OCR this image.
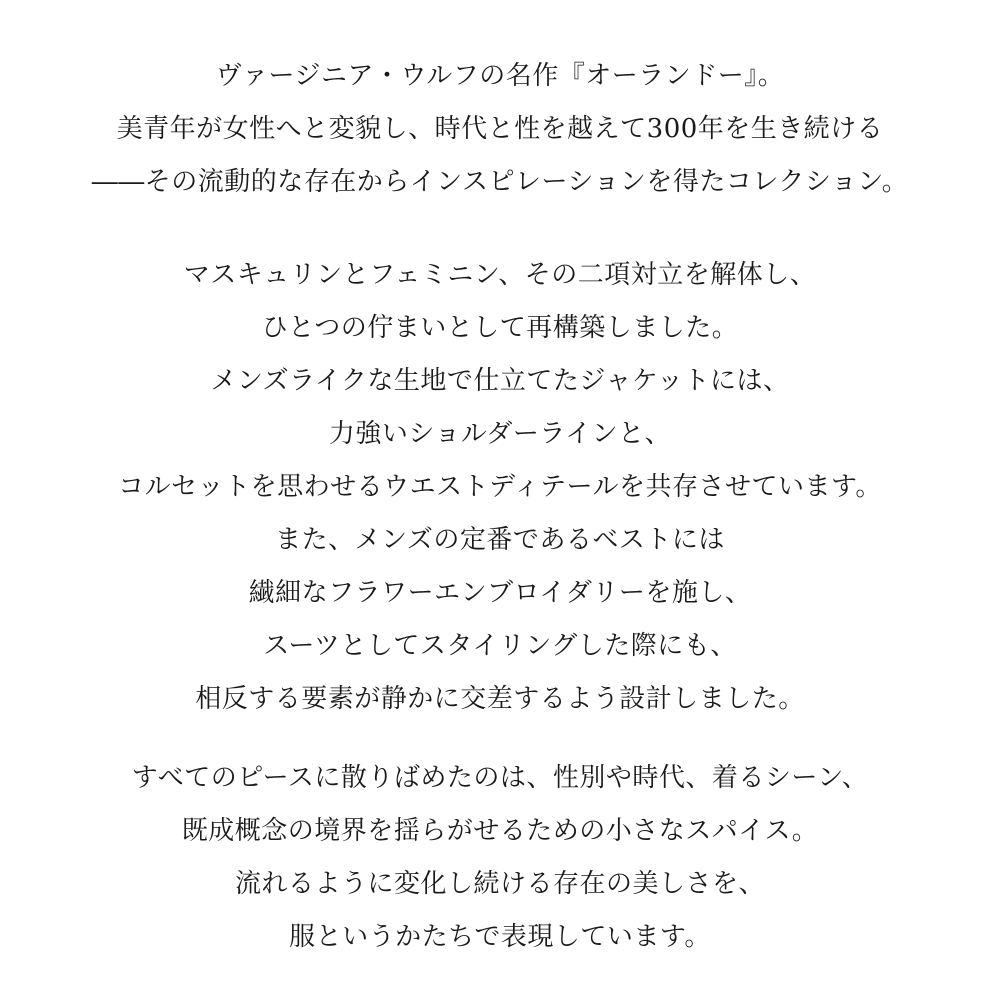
ヴァージニア・ウルフの名作『オーランドー』。
美青年が女性へと変貌し、時代と性を越えて300年を生き続ける
――その流動的な存在からインスピレーションを得たコレクション。
マスキュリンとフェミニン、その二項対立を解体し、
ひとつの佇まいとして再構築しました。
メンズライクな生地で仕立てたジャケットには、
力強いショルダーラインと、
コルセットを思わせるウエストディテールを共存させています。
また、メンズの定番であるベストには
繊細なフラワーエンブロイダリーを施し、
スーツとしてスタイリングした際にも、
相反する要素が静かに交差するよう設計しました。
すべてのピースに散りばめたのは、性別や時代、着るシーン、
既成概念の境界を揺らがせるための小さなスパイス。
流れるように変化し続ける存在の美しさを、
服というかたちで表現しています。
